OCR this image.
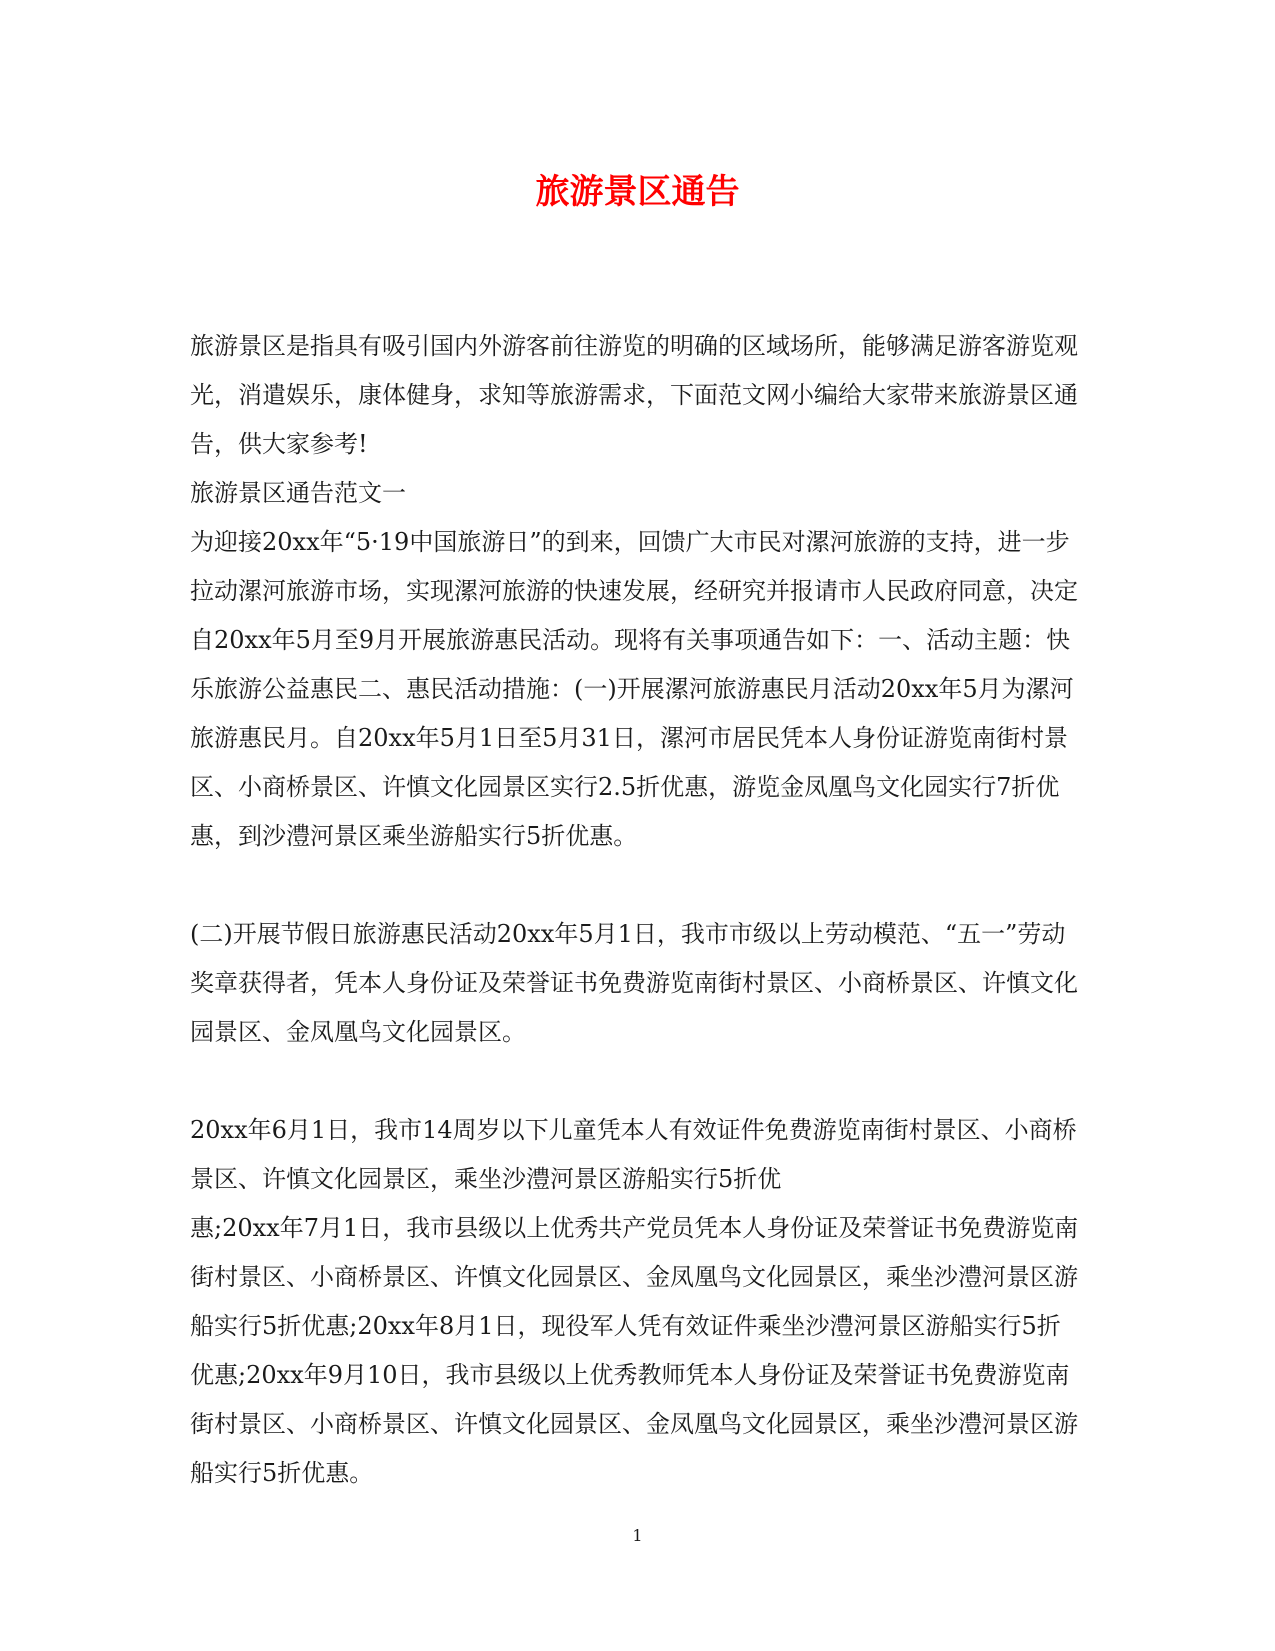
旅游景区通告

旅游景区是指具有吸引国内外游客前往游览的明确的区域场所，能够满足游客游览观光，消遣娱乐，康体健身，求知等旅游需求，下面范文网小编给大家带来旅游景区通告，供大家参考!

旅游景区通告范文一

为迎接20xx年“5·19中国旅游日”的到来，回馈广大市民对漯河旅游的支持，进一步拉动漯河旅游市场，实现漯河旅游的快速发展，经研究并报请市人民政府同意，决定自20xx年5月至9月开展旅游惠民活动。现将有关事项通告如下：一、活动主题：快乐旅游公益惠民二、惠民活动措施：(一)开展漯河旅游惠民月活动20xx年5月为漯河旅游惠民月。自20xx年5月1日至5月31日，漯河市居民凭本人身份证游览南街村景区、小商桥景区、许慎文化园景区实行2.5折优惠，游览金凤凰鸟文化园实行7折优惠，到沙澧河景区乘坐游船实行5折优惠。

(二)开展节假日旅游惠民活动20xx年5月1日，我市市级以上劳动模范、“五一”劳动奖章获得者，凭本人身份证及荣誉证书免费游览南街村景区、小商桥景区、许慎文化园景区、金凤凰鸟文化园景区。

20xx年6月1日，我市14周岁以下儿童凭本人有效证件免费游览南街村景区、小商桥景区、许慎文化园景区，乘坐沙澧河景区游船实行5折优

惠;20xx年7月1日，我市县级以上优秀共产党员凭本人身份证及荣誉证书免费游览南街村景区、小商桥景区、许慎文化园景区、金凤凰鸟文化园景区，乘坐沙澧河景区游船实行5折优惠;20xx年8月1日，现役军人凭有效证件乘坐沙澧河景区游船实行5折优惠;20xx年9月10日，我市县级以上优秀教师凭本人身份证及荣誉证书免费游览南街村景区、小商桥景区、许慎文化园景区、金凤凰鸟文化园景区，乘坐沙澧河景区游船实行5折优惠。

1
